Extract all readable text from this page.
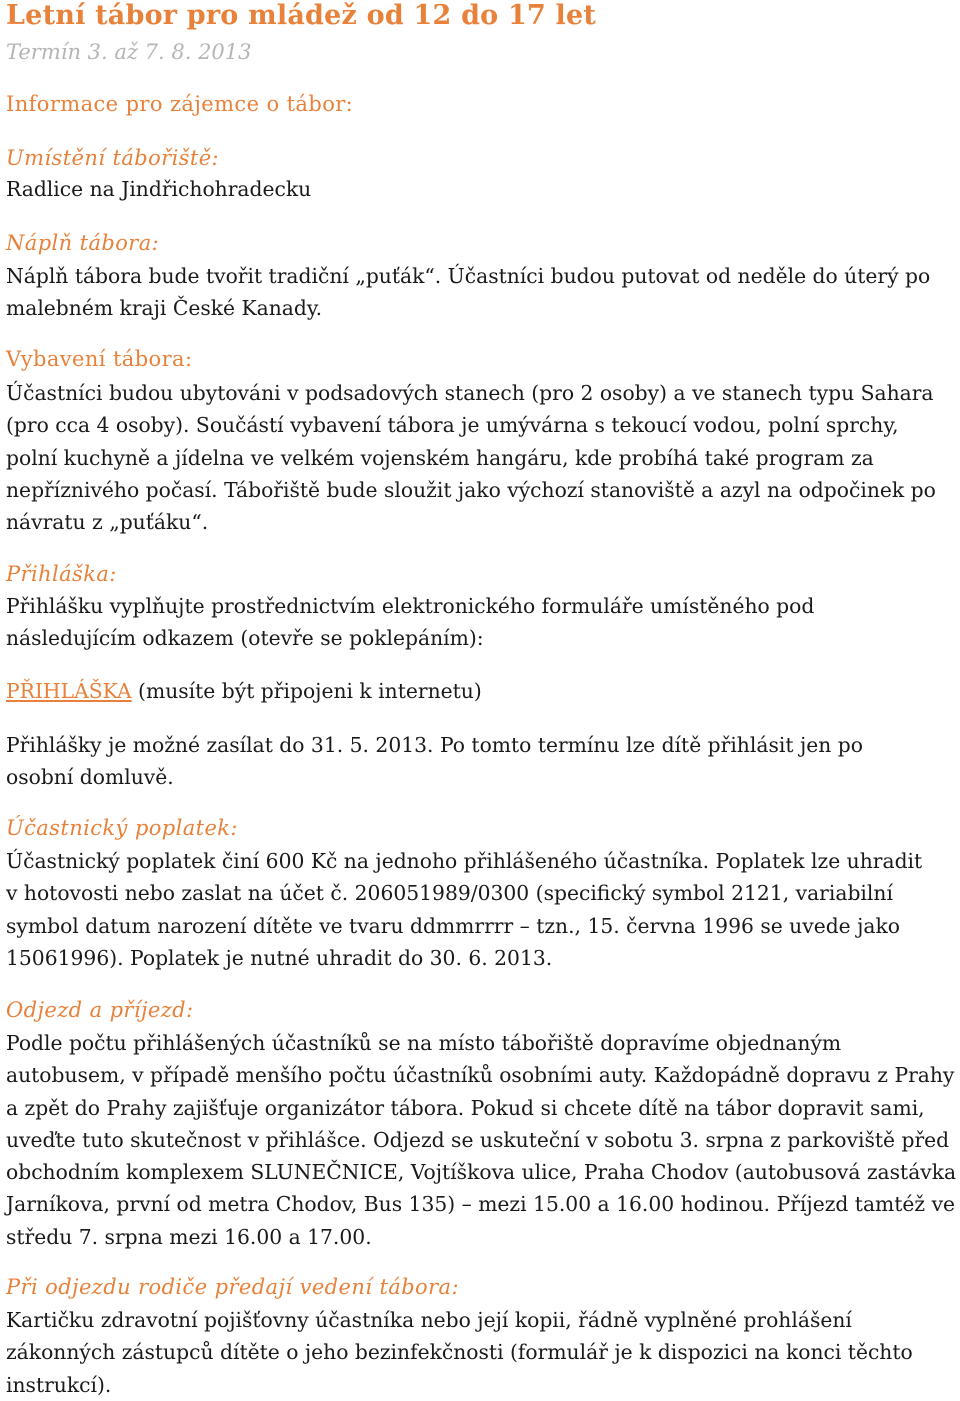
Letní tábor pro mládež od 12 do 17 let
Termín 3. až 7. 8. 2013
Informace pro zájemce o tábor:
Umístění tábořiště:

Radlice na Jindřichohradecku

Náplň tábora:

Náplň tábora bude tvořit tradiční „puťák“. Účastníci budou putovat od neděle do úterý po malebném kraji České Kanady.

Vybavení tábora:

Účastníci budou ubytováni v podsadových stanech (pro 2 osoby) a ve stanech typu Sahara (pro cca 4 osoby). Součástí vybavení tábora je umývárna s tekoucí vodou, polní sprchy, polní kuchyně a jídelna ve velkém vojenském hangáru, kde probíhá také program za nepříznivého počasí. Tábořiště bude sloužit jako výchozí stanoviště a azyl na odpočinek po návratu z „puťáku“.

Přihláška:

Přihlášku vyplňujte prostřednictvím elektronického formuláře umístěného pod následujícím odkazem (otevře se poklepáním):

PŘIHLÁŠKA (musíte být připojeni k internetu)

Přihlášky je možné zasílat do 31. 5. 2013. Po tomto termínu lze dítě přihlásit jen po osobní domluvě.

Účastnický poplatek:

Účastnický poplatek činí 600 Kč na jednoho přihlášeného účastníka. Poplatek lze uhradit v hotovosti nebo zaslat na účet č. 206051989/0300 (specifický symbol 2121, variabilní symbol datum narození dítěte ve tvaru ddmmrrrr – tzn., 15. června 1996 se uvede jako 15061996). Poplatek je nutné uhradit do 30. 6. 2013.

Odjezd a příjezd:

Podle počtu přihlášených účastníků se na místo tábořiště dopravíme objednaným autobusem, v případě menšího počtu účastníků osobními auty. Každopádně dopravu z Prahy a zpět do Prahy zajišťuje organizátor tábora. Pokud si chcete dítě na tábor dopravit sami, uveďte tuto skutečnost v přihlášce. Odjezd se uskuteční v sobotu 3. srpna z parkoviště před obchodním komplexem SLUNEČNICE, Vojtíškova ulice, Praha Chodov (autobusová zastávka Jarníkova, první od metra Chodov, Bus 135) – mezi 15.00 a 16.00 hodinou. Příjezd tamtéž ve středu 7. srpna mezi 16.00 a 17.00.

Při odjezdu rodiče předají vedení tábora:

Kartičku zdravotní pojišťovny účastníka nebo její kopii, řádně vyplněné prohlášení zákonných zástupců dítěte o jeho bezinfekčnosti (formulář je k dispozici na konci těchto instrukcí).
